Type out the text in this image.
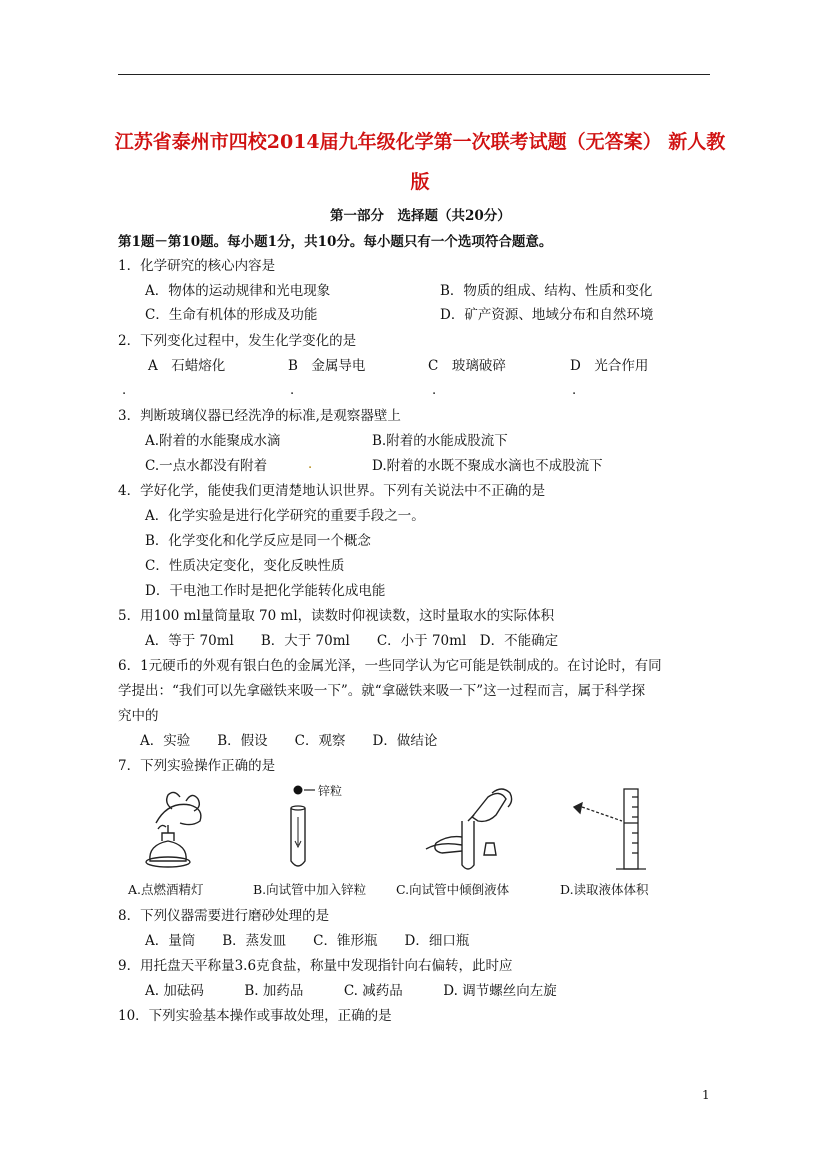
江苏省泰州市四校2014届九年级化学第一次联考试题（无答案） 新人教
版
第一部分　选择题（共20分）
第1题－第10题。每小题1分，共10分。每小题只有一个选项符合题意。
1．化学研究的核心内容是
A．物体的运动规律和光电现象	B．物质的组成、结构、性质和变化
C．生命有机体的形成及功能	D．矿产资源、地域分布和自然环境
2．下列变化过程中，发生化学变化的是
A　石蜡熔化	B　金属导电	C　玻璃破碎	D　光合作用
.	.	.	.
3．判断玻璃仪器已经洗净的标准,是观察器壁上
A.附着的水能聚成水滴	B.附着的水能成股流下
C.一点水都没有附着	.	D.附着的水既不聚成水滴也不成股流下
4．学好化学，能使我们更清楚地认识世界。下列有关说法中不正确的是
A．化学实验是进行化学研究的重要手段之一。
B．化学变化和化学反应是同一个概念
C．性质决定变化，变化反映性质
D．干电池工作时是把化学能转化成电能
5．用100 ml量筒量取 70 ml，读数时仰视读数，这时量取水的实际体积
A．等于 70ml　　B．大于 70ml　　C．小于 70ml　D．不能确定
6．1元硬币的外观有银白色的金属光泽，一些同学认为它可能是铁制成的。在讨论时，有同
学提出：“我们可以先拿磁铁来吸一下”。就“拿磁铁来吸一下”这一过程而言，属于科学探
究中的
A．实验　　B．假设　　C．观察　　D．做结论
7．下列实验操作正确的是
A.点燃酒精灯
锌粒
B.向试管中加入锌粒 C.向试管中倾倒液体	D.读取液体体积
8．下列仪器需要进行磨砂处理的是
A．量筒　　B．蒸发皿　　C．锥形瓶　　D．细口瓶
9．用托盘天平称量3.6克食盐，称量中发现指针向右偏转，此时应
A. 加砝码　　　B. 加药品　　　C. 减药品　　　D. 调节螺丝向左旋
10．下列实验基本操作或事故处理，正确的是
1
